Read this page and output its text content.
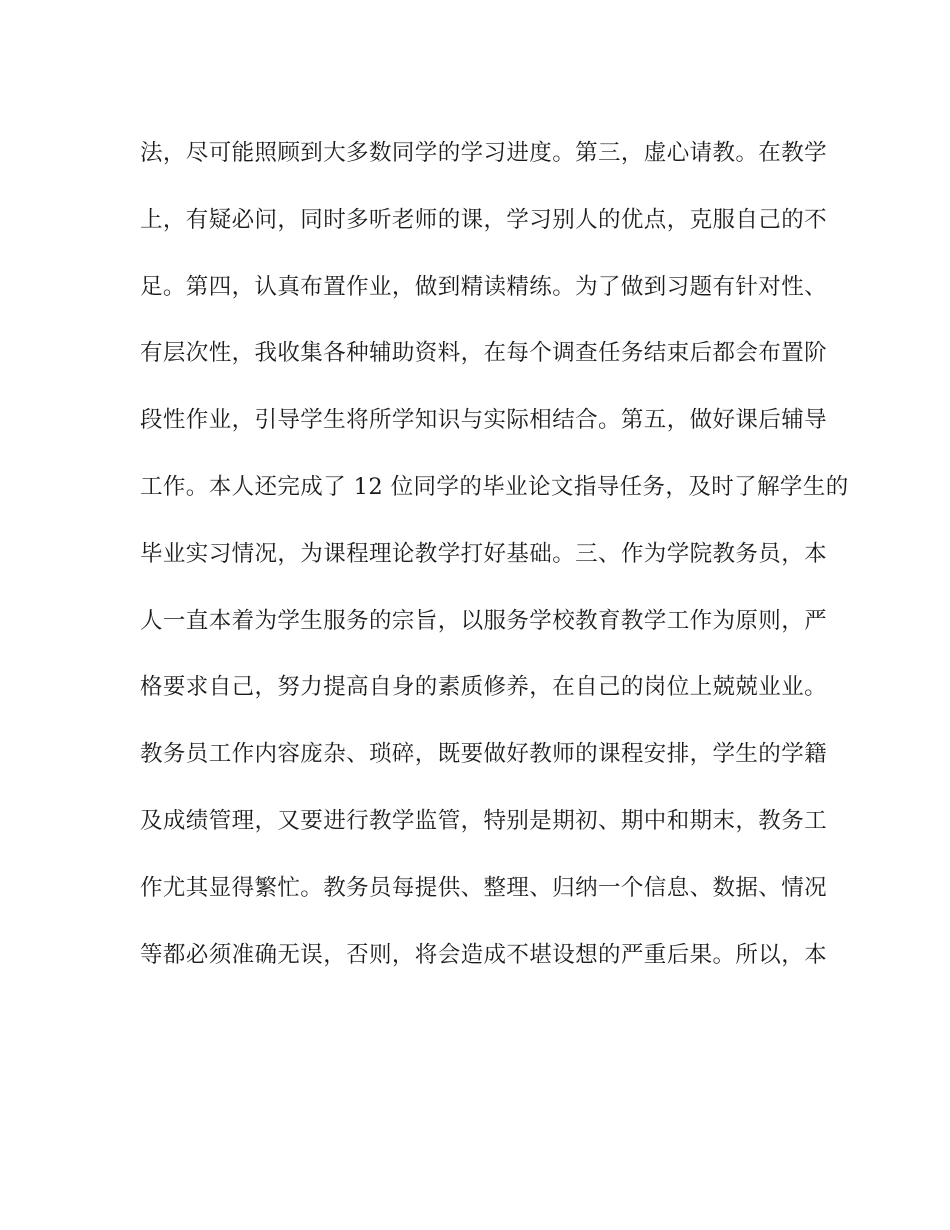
法，尽可能照顾到大多数同学的学习进度。第三，虚心请教。在教学
上，有疑必问，同时多听老师的课，学习别人的优点，克服自己的不
足。第四，认真布置作业，做到精读精练。为了做到习题有针对性、
有层次性，我收集各种辅助资料，在每个调查任务结束后都会布置阶
段性作业，引导学生将所学知识与实际相结合。第五，做好课后辅导
工作。本人还完成了 12 位同学的毕业论文指导任务，及时了解学生的
毕业实习情况，为课程理论教学打好基础。三、作为学院教务员，本
人一直本着为学生服务的宗旨，以服务学校教育教学工作为原则，严
格要求自己，努力提高自身的素质修养，在自己的岗位上兢兢业业。
教务员工作内容庞杂、琐碎，既要做好教师的课程安排，学生的学籍
及成绩管理，又要进行教学监管，特别是期初、期中和期末，教务工
作尤其显得繁忙。教务员每提供、整理、归纳一个信息、数据、情况
等都必须准确无误，否则，将会造成不堪设想的严重后果。所以，本
